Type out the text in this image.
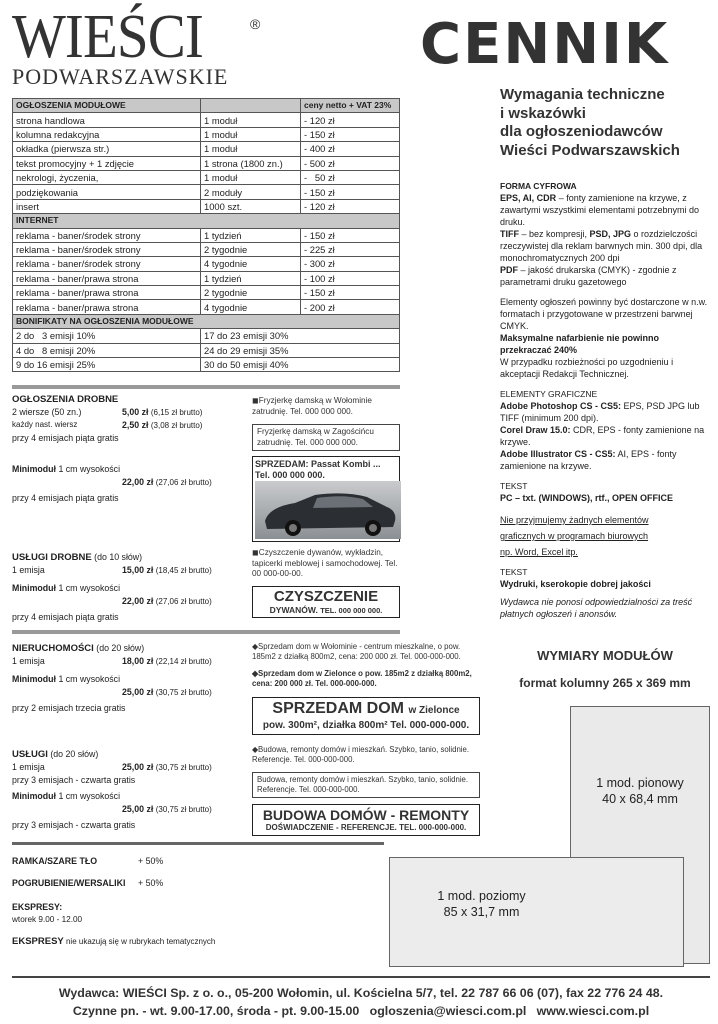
WIEŚCI	®
PODWARSZAWSKIE	CENNIK
OGŁOSZENIA MODUŁOWE		ceny netto + VAT 23%
strona handlowa	1 moduł	- 120 zł
kolumna redakcyjna	1 moduł	- 150 zł
okładka (pierwsza str.)	1 moduł	- 400 zł
tekst promocyjny + 1 zdjęcie	1 strona (1800 zn.)	- 500 zł
nekrologi, życzenia,	1 moduł	-   50 zł
podziękowania	2 moduły	- 150 zł
insert	1000 szt.	- 120 zł
INTERNET		
reklama - baner/środek strony	1 tydzień	- 150 zł
reklama - baner/środek strony	2 tygodnie	- 225 zł
reklama - baner/środek strony	4 tygodnie	- 300 zł
reklama - baner/prawa strona	1 tydzień	- 100 zł
reklama - baner/prawa strona	2 tygodnie	- 150 zł
reklama - baner/prawa strona	4 tygodnie	- 200 zł
BONIFIKATY NA OGŁOSZENIA MODUŁOWE		
2 do   3 emisji 10%	17 do 23 emisji 30%	
4 do   8 emisji 20%	24 do 29 emisji 35%	
9 do 16 emisji 25%	30 do 50 emisji 40%	
OGŁOSZENIA DROBNE
2 wiersze (50 zn.)	5,00 zł (6,15 zł brutto)
każdy nast. wiersz	2,50 zł (3,08 zł brutto)
przy 4 emisjach piąta gratis
Minimoduł 1 cm wysokości
22,00 zł (27,06 zł brutto)
przy 4 emisjach piąta gratis
USŁUGI DROBNE (do 10 słów)
1 emisja	15,00 zł (18,45 zł brutto)
Minimoduł 1 cm wysokości
22,00 zł (27,06 zł brutto)
przy 4 emisjach piąta gratis
NIERUCHOMOŚCI (do 20 słów)
1 emisja	18,00 zł (22,14 zł brutto)
Minimoduł 1 cm wysokości
25,00 zł (30,75 zł brutto)
przy 2 emisjach trzecia gratis
USŁUGI (do 20 słów)
1 emisja	25,00 zł (30,75 zł brutto)
przy 3 emisjach - czwarta gratis
Minimoduł 1 cm wysokości
25,00 zł (30,75 zł brutto)
przy 3 emisjach - czwarta gratis
RAMKA/SZARE TŁO	+ 50%
POGRUBIENIE/WERSALIKI + 50%
EKSPRESY:
wtorek 9.00 - 12.00
EKSPRESY nie ukazują się w rubrykach tematycznych
◼Fryzjerkę damską w Wołominie zatrudnię. Tel. 000 000 000.
Fryzjerkę damską w Zagościńcu zatrudnię. Tel. 000 000 000.
SPRZEDAM: Passat Kombi ...
Tel. 000 000 000.
◼Czyszczenie dywanów, wykładzin, tapicerki meblowej i samochodowej. Tel. 00 000-00-00.
CZYSZCZENIE
DYWANÓW. TEL. 000 000 000.
◆Sprzedam dom w Wołominie - centrum mieszkalne, o pow. 185m2 z działką 800m2, cena: 200 000 zł. Tel. 000-000-000.
◆Sprzedam dom w Zielonce o pow. 185m2 z działką 800m2, cena: 200 000 zł. Tel. 000-000-000.
SPRZEDAM DOM w Zielonce
pow. 300m², działka 800m² Tel. 000-000-000.
◆Budowa, remonty domów i mieszkań. Szybko, tanio, solidnie. Referencje. Tel. 000-000-000.
Budowa, remonty domów i mieszkań. Szybko, tanio, solidnie. Referencje. Tel. 000-000-000.
BUDOWA DOMÓW - REMONTY
DOŚWIADCZENIE - REFERENCJE. TEL. 000-000-000.
Wymagania techniczne
i wskazówki
dla ogłoszeniodawców
Wieści Podwarszawskich
FORMA CYFROWA
EPS, AI, CDR – fonty zamienione na krzywe, z zawartymi wszystkimi elementami potrzebnymi do druku.
TIFF – bez kompresji, PSD, JPG o rozdzielczości rzeczywistej dla reklam barwnych min. 300 dpi, dla monochromatycznych 200 dpi
PDF – jakość drukarska (CMYK) - zgodnie z parametrami druku gazetowego
Elementy ogłoszeń powinny być dostarczone w n.w. formatach i przygotowane w przestrzeni barwnej CMYK.
Maksymalne nafarbienie nie powinno przekraczać 240%
W przypadku rozbieżności po uzgodnieniu i akceptacji Redakcji Technicznej.
ELEMENTY GRAFICZNE
Adobe Photoshop CS - CS5: EPS, PSD JPG lub TIFF (minimum 200 dpi).
Corel Draw 15.0: CDR, EPS - fonty zamienione na krzywe.
Adobe Illustrator CS - CS5: AI, EPS - fonty zamienione na krzywe.
TEKST
PC – txt. (WINDOWS), rtf., OPEN OFFICE
Nie przyjmujemy żadnych elementów
graficznych w programach biurowych
np. Word, Excel itp.
TEKST
Wydruki, kserokopie dobrej jakości
Wydawca nie ponosi odpowiedzialności za treść płatnych ogłoszeń i anonsów.
WYMIARY MODUŁÓW
format kolumny 265 x 369 mm
1 mod. pionowy
40 x 68,4 mm
1 mod. poziomy
85 x 31,7 mm
Wydawca: WIEŚCI Sp. z o. o., 05-200 Wołomin, ul. Kościelna 5/7, tel. 22 787 66 06 (07), fax 22 776 24 48.
Czynne pn. - wt. 9.00-17.00, środa - pt. 9.00-15.00 ogloszenia@wiesci.com.pl www.wiesci.com.pl
